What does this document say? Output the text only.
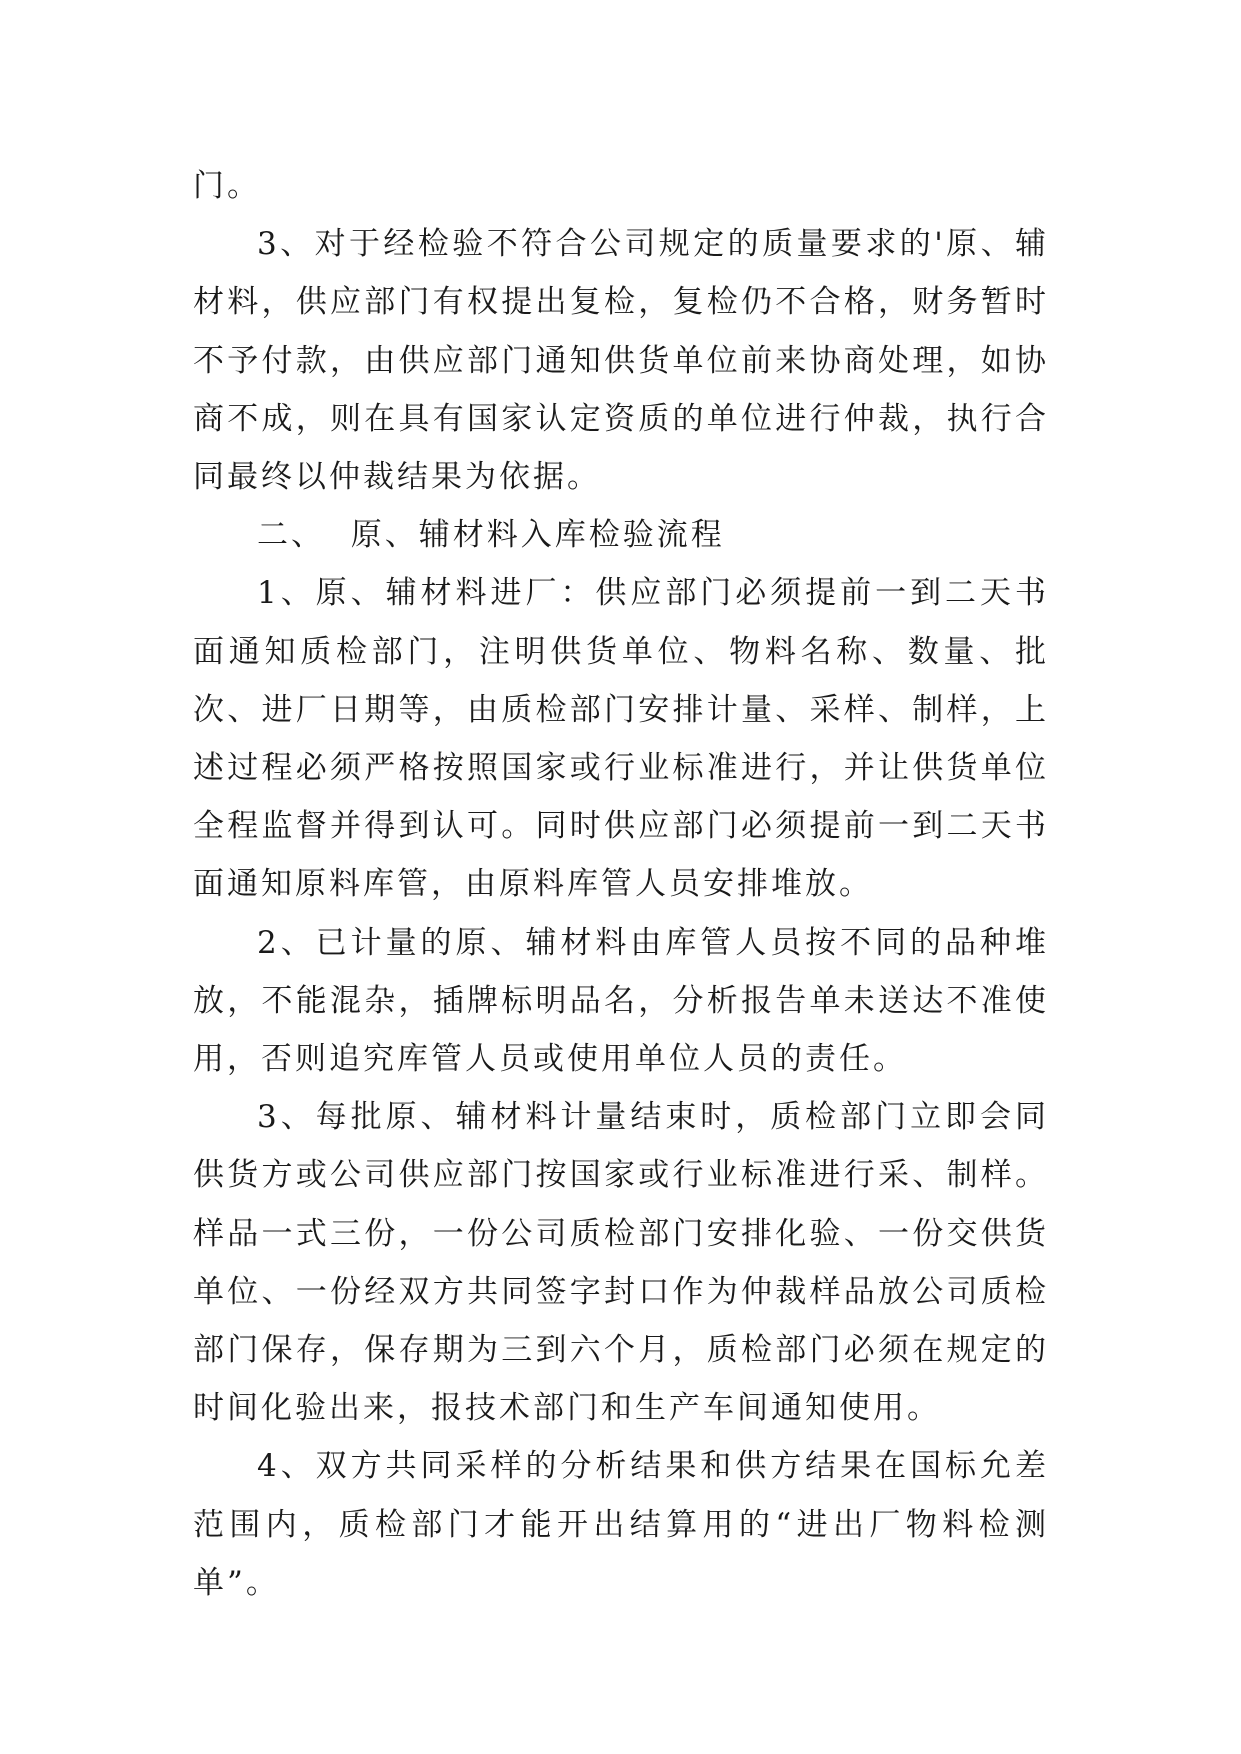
门。

3、对于经检验不符合公司规定的质量要求的'原、辅材料，供应部门有权提出复检，复检仍不合格，财务暂时不予付款，由供应部门通知供货单位前来协商处理，如协商不成，则在具有国家认定资质的单位进行仲裁，执行合同最终以仲裁结果为依据。

二、  原、辅材料入库检验流程

1、原、辅材料进厂：供应部门必须提前一到二天书面通知质检部门，注明供货单位、物料名称、数量、批次、进厂日期等，由质检部门安排计量、采样、制样，上述过程必须严格按照国家或行业标准进行，并让供货单位全程监督并得到认可。同时供应部门必须提前一到二天书面通知原料库管，由原料库管人员安排堆放。

2、已计量的原、辅材料由库管人员按不同的品种堆放，不能混杂，插牌标明品名，分析报告单未送达不准使用，否则追究库管人员或使用单位人员的责任。

3、每批原、辅材料计量结束时，质检部门立即会同供货方或公司供应部门按国家或行业标准进行采、制样。样品一式三份，一份公司质检部门安排化验、一份交供货单位、一份经双方共同签字封口作为仲裁样品放公司质检部门保存，保存期为三到六个月，质检部门必须在规定的时间化验出来，报技术部门和生产车间通知使用。

4、双方共同采样的分析结果和供方结果在国标允差范围内，质检部门才能开出结算用的“进出厂物料检测单”。
